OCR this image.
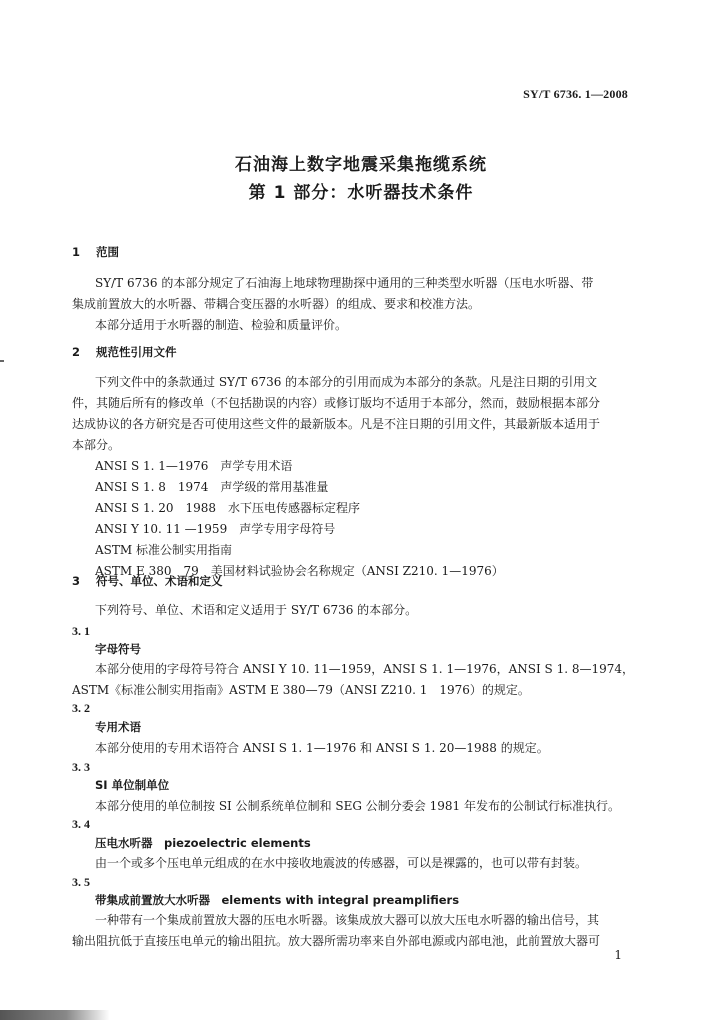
SY/T 6736. 1—2008
石油海上数字地震采集拖缆系统
第 1 部分：水听器技术条件
1 范围
SY/T 6736 的本部分规定了石油海上地球物理勘探中通用的三种类型水听器（压电水听器、带
集成前置放大的水听器、带耦合变压器的水听器）的组成、要求和校准方法。
本部分适用于水听器的制造、检验和质量评价。
2 规范性引用文件
下列文件中的条款通过 SY/T 6736 的本部分的引用而成为本部分的条款。凡是注日期的引用文
件，其随后所有的修改单（不包括勘误的内容）或修订版均不适用于本部分，然而，鼓励根据本部分
达成协议的各方研究是否可使用这些文件的最新版本。凡是不注日期的引用文件，其最新版本适用于
本部分。
ANSI S 1. 1—1976　声学专用术语
ANSI S 1. 8　1974　声学级的常用基准量
ANSI S 1. 20　1988　水下压电传感器标定程序
ANSI Y 10. 11 —1959　声学专用字母符号
ASTM 标准公制实用指南
ASTM E 380　79　美国材料试验协会名称规定（ANSI Z210. 1—1976）
3 符号、单位、术语和定义
下列符号、单位、术语和定义适用于 SY/T 6736 的本部分。
3. 1
字母符号
本部分使用的字母符号符合 ANSI Y 10. 11—1959，ANSI S 1. 1—1976，ANSI S 1. 8—1974，
ASTM《标准公制实用指南》ASTM E 380—79（ANSI Z210. 1　1976）的规定。
3. 2
专用术语
本部分使用的专用术语符合 ANSI S 1. 1—1976 和 ANSI S 1. 20—1988 的规定。
3. 3
SI 单位制单位
本部分使用的单位制按 SI 公制系统单位制和 SEG 公制分委会 1981 年发布的公制试行标准执行。
3. 4
压电水听器　piezoelectric elements
由一个或多个压电单元组成的在水中接收地震波的传感器，可以是裸露的，也可以带有封装。
3. 5
带集成前置放大水听器　elements with integral preamplifiers
一种带有一个集成前置放大器的压电水听器。该集成放大器可以放大压电水听器的输出信号，其
输出阻抗低于直接压电单元的输出阻抗。放大器所需功率来自外部电源或内部电池，此前置放大器可
1
